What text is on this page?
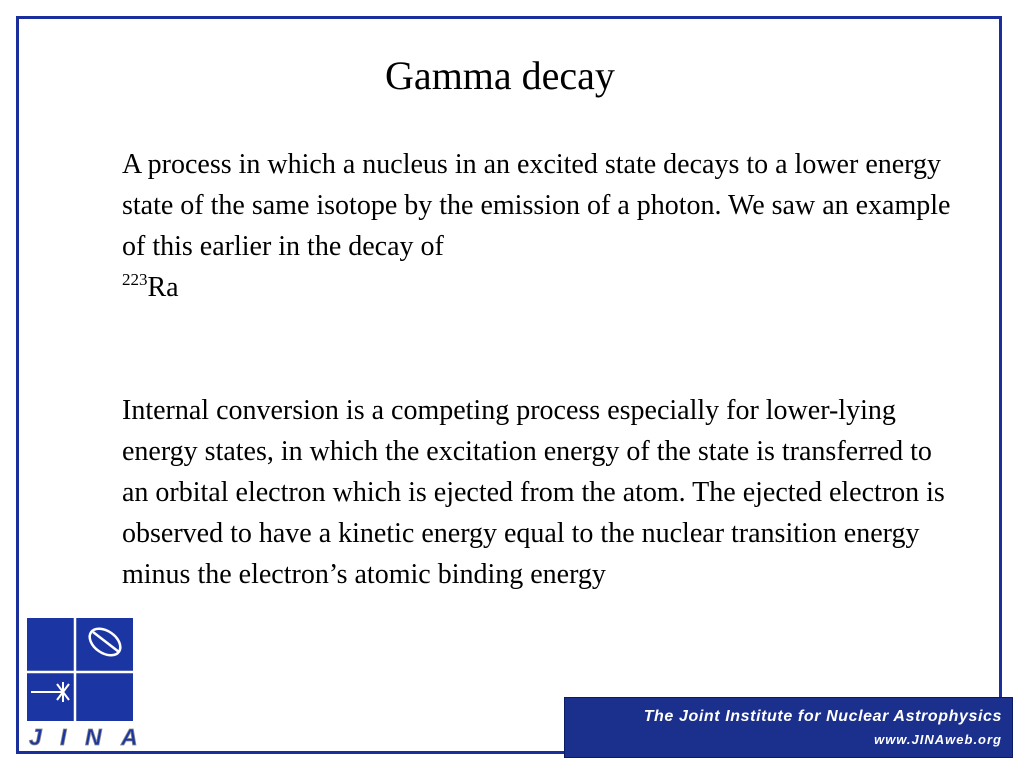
Gamma decay
A process in which a nucleus in an excited state decays to a lower energy state of the same isotope by the emission of a photon. We saw an example of this earlier in the decay of
$^{223}$Ra
Internal conversion is a competing process especially for lower-lying energy states, in which the excitation energy of the state is transferred to an orbital electron which is ejected from the atom. The ejected electron is observed to have a kinetic energy equal to the nuclear transition energy minus the electron’s atomic binding energy
J I N A
The Joint Institute for Nuclear Astrophysics
www.JINAweb.org
